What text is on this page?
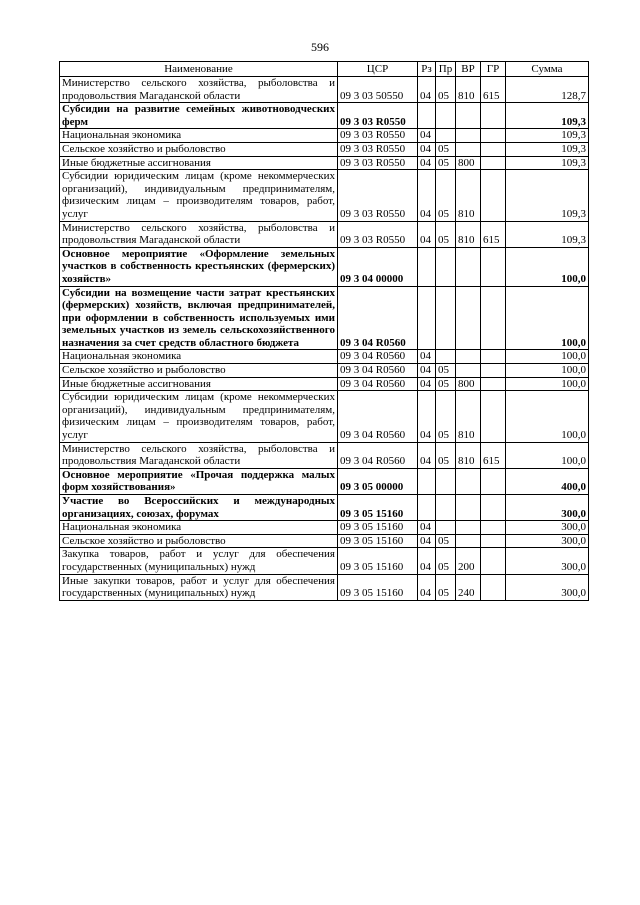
596
Наименование	ЦСР	Рз	Пр	ВР	ГР	Сумма
Министерство сельского хозяйства, рыболовства и продовольствия Магаданской области	09 3 03 50550	04	05	810	615	128,7
Субсидии на развитие семейных животноводческих ферм	09 3 03 R0550					109,3
Национальная экономика	09 3 03 R0550	04				109,3
Сельское хозяйство и рыболовство	09 3 03 R0550	04	05			109,3
Иные бюджетные ассигнования	09 3 03 R0550	04	05	800		109,3
Субсидии юридическим лицам (кроме некоммерческих организаций), индивидуальным предпринимателям, физическим лицам – производителям товаров, работ, услуг	09 3 03 R0550	04	05	810		109,3
Министерство сельского хозяйства, рыболовства и продовольствия Магаданской области	09 3 03 R0550	04	05	810	615	109,3
Основное мероприятие «Оформление земельных участков в собственность крестьянских (фермерских) хозяйств»	09 3 04 00000					100,0
Субсидии на возмещение части затрат крестьянских (фермерских) хозяйств, включая предпринимателей, при оформлении в собственность используемых ими земельных участков из земель сельскохозяйственного назначения за счет средств областного бюджета	09 3 04 R0560					100,0
Национальная экономика	09 3 04 R0560	04				100,0
Сельское хозяйство и рыболовство	09 3 04 R0560	04	05			100,0
Иные бюджетные ассигнования	09 3 04 R0560	04	05	800		100,0
Субсидии юридическим лицам (кроме некоммерческих организаций), индивидуальным предпринимателям, физическим лицам – производителям товаров, работ, услуг	09 3 04 R0560	04	05	810		100,0
Министерство сельского хозяйства, рыболовства и продовольствия Магаданской области	09 3 04 R0560	04	05	810	615	100,0
Основное мероприятие «Прочая поддержка малых форм хозяйствования»	09 3 05 00000					400,0
Участие во Всероссийских и международных организациях, союзах, форумах	09 3 05 15160					300,0
Национальная экономика	09 3 05 15160	04				300,0
Сельское хозяйство и рыболовство	09 3 05 15160	04	05			300,0
Закупка товаров, работ и услуг для обеспечения государственных (муниципальных) нужд	09 3 05 15160	04	05	200		300,0
Иные закупки товаров, работ и услуг для обеспечения государственных (муниципальных) нужд	09 3 05 15160	04	05	240		300,0
